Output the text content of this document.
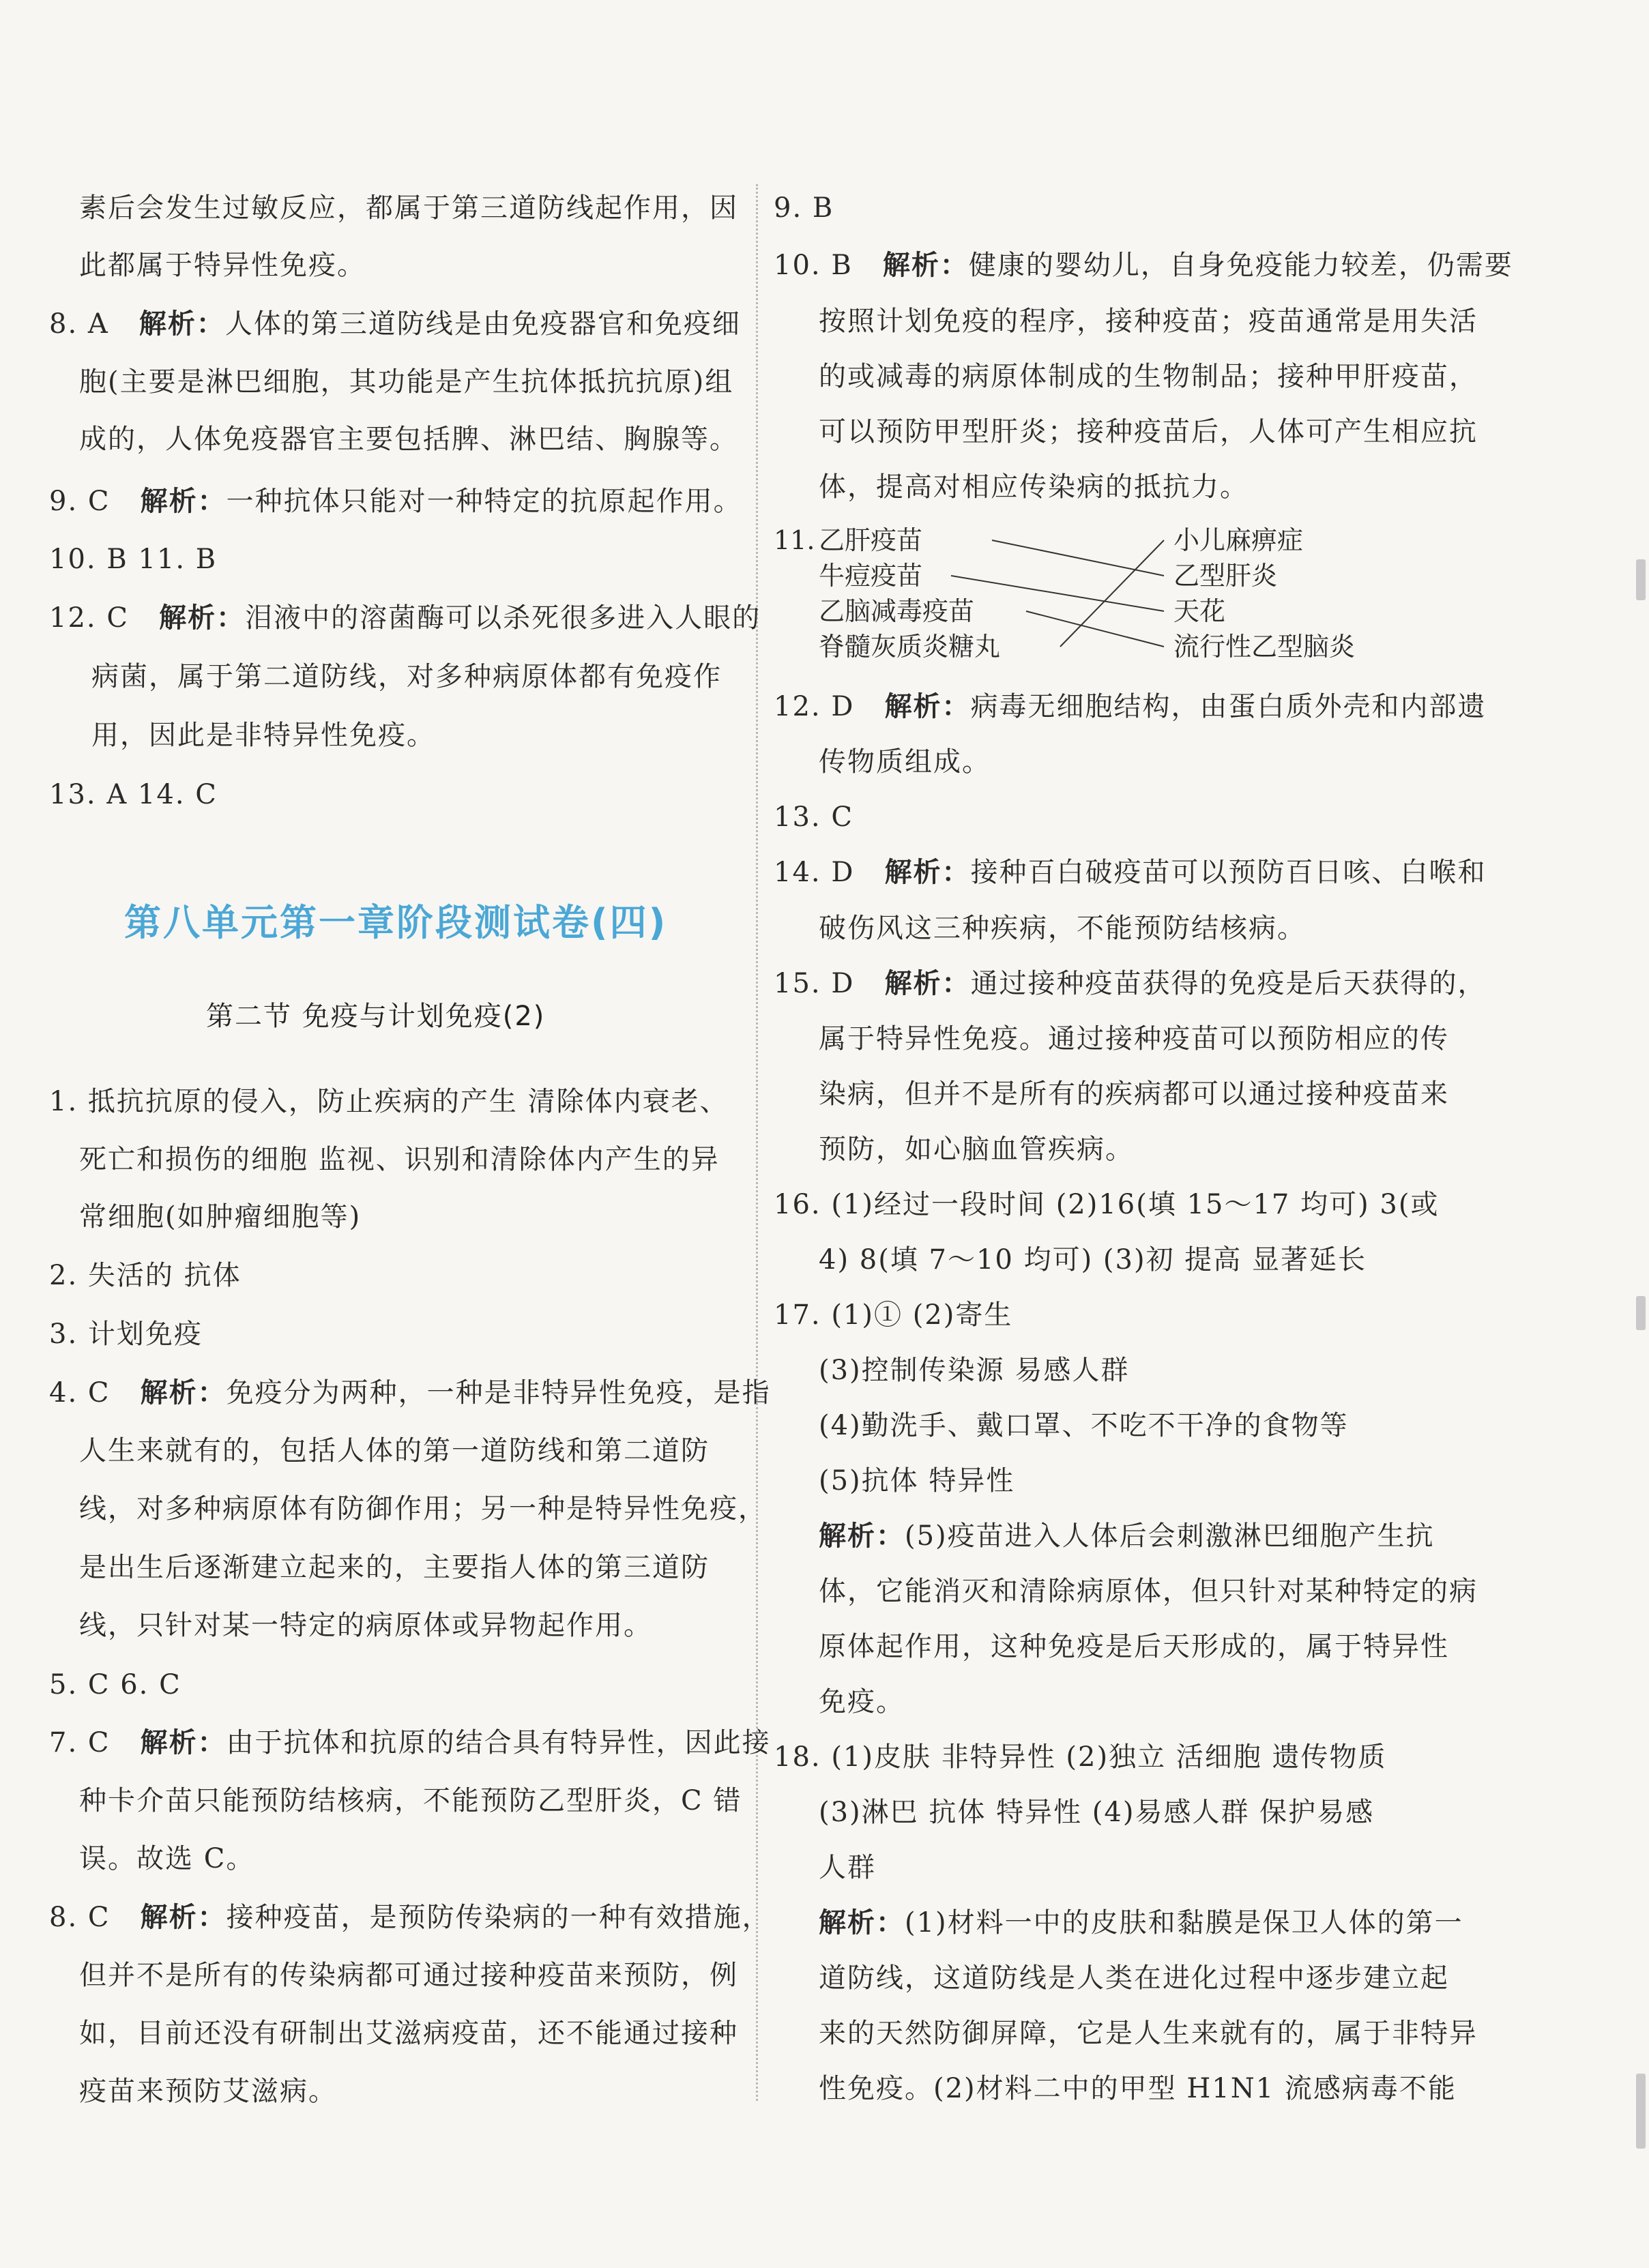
素后会发生过敏反应，都属于第三道防线起作用，因
此都属于特异性免疫。
8. A 解析：人体的第三道防线是由免疫器官和免疫细
胞(主要是淋巴细胞，其功能是产生抗体抵抗抗原)组
成的，人体免疫器官主要包括脾、淋巴结、胸腺等。
9. C 解析：一种抗体只能对一种特定的抗原起作用。
10. B 11. B
12. C 解析：泪液中的溶菌酶可以杀死很多进入人眼的
病菌，属于第二道防线，对多种病原体都有免疫作
用，因此是非特异性免疫。
13. A 14. C
第八单元第一章阶段测试卷(四)
第二节 免疫与计划免疫(2)
1. 抵抗抗原的侵入，防止疾病的产生 清除体内衰老、
死亡和损伤的细胞 监视、识别和清除体内产生的异
常细胞(如肿瘤细胞等)
2. 失活的 抗体
3. 计划免疫
4. C 解析：免疫分为两种，一种是非特异性免疫，是指
人生来就有的，包括人体的第一道防线和第二道防
线，对多种病原体有防御作用；另一种是特异性免疫，
是出生后逐渐建立起来的，主要指人体的第三道防
线，只针对某一特定的病原体或异物起作用。
5. C 6. C
7. C 解析：由于抗体和抗原的结合具有特异性，因此接
种卡介苗只能预防结核病，不能预防乙型肝炎，C 错
误。故选 C。
8. C 解析：接种疫苗，是预防传染病的一种有效措施，
但并不是所有的传染病都可通过接种疫苗来预防，例
如，目前还没有研制出艾滋病疫苗，还不能通过接种
疫苗来预防艾滋病。
9. B
10. B 解析：健康的婴幼儿，自身免疫能力较差，仍需要
按照计划免疫的程序，接种疫苗；疫苗通常是用失活
的或减毒的病原体制成的生物制品；接种甲肝疫苗，
可以预防甲型肝炎；接种疫苗后，人体可产生相应抗
体，提高对相应传染病的抵抗力。
11. 乙肝疫苗
牛痘疫苗
乙脑减毒疫苗
脊髓灰质炎糖丸
小儿麻痹症
乙型肝炎
天花
流行性乙型脑炎
12. D 解析：病毒无细胞结构，由蛋白质外壳和内部遗
传物质组成。
13. C
14. D 解析：接种百白破疫苗可以预防百日咳、白喉和
破伤风这三种疾病，不能预防结核病。
15. D 解析：通过接种疫苗获得的免疫是后天获得的，
属于特异性免疫。通过接种疫苗可以预防相应的传
染病，但并不是所有的疾病都可以通过接种疫苗来
预防，如心脑血管疾病。
16. (1)经过一段时间 (2)16(填 15～17 均可) 3(或
4) 8(填 7～10 均可) (3)初 提高 显著延长
17. (1)① (2)寄生
(3)控制传染源 易感人群
(4)勤洗手、戴口罩、不吃不干净的食物等
(5)抗体 特异性
解析：(5)疫苗进入人体后会刺激淋巴细胞产生抗
体，它能消灭和清除病原体，但只针对某种特定的病
原体起作用，这种免疫是后天形成的，属于特异性
免疫。
18. (1)皮肤 非特异性 (2)独立 活细胞 遗传物质
(3)淋巴 抗体 特异性 (4)易感人群 保护易感
人群
解析：(1)材料一中的皮肤和黏膜是保卫人体的第一
道防线，这道防线是人类在进化过程中逐步建立起
来的天然防御屏障，它是人生来就有的，属于非特异
性免疫。(2)材料二中的甲型 H1N1 流感病毒不能
